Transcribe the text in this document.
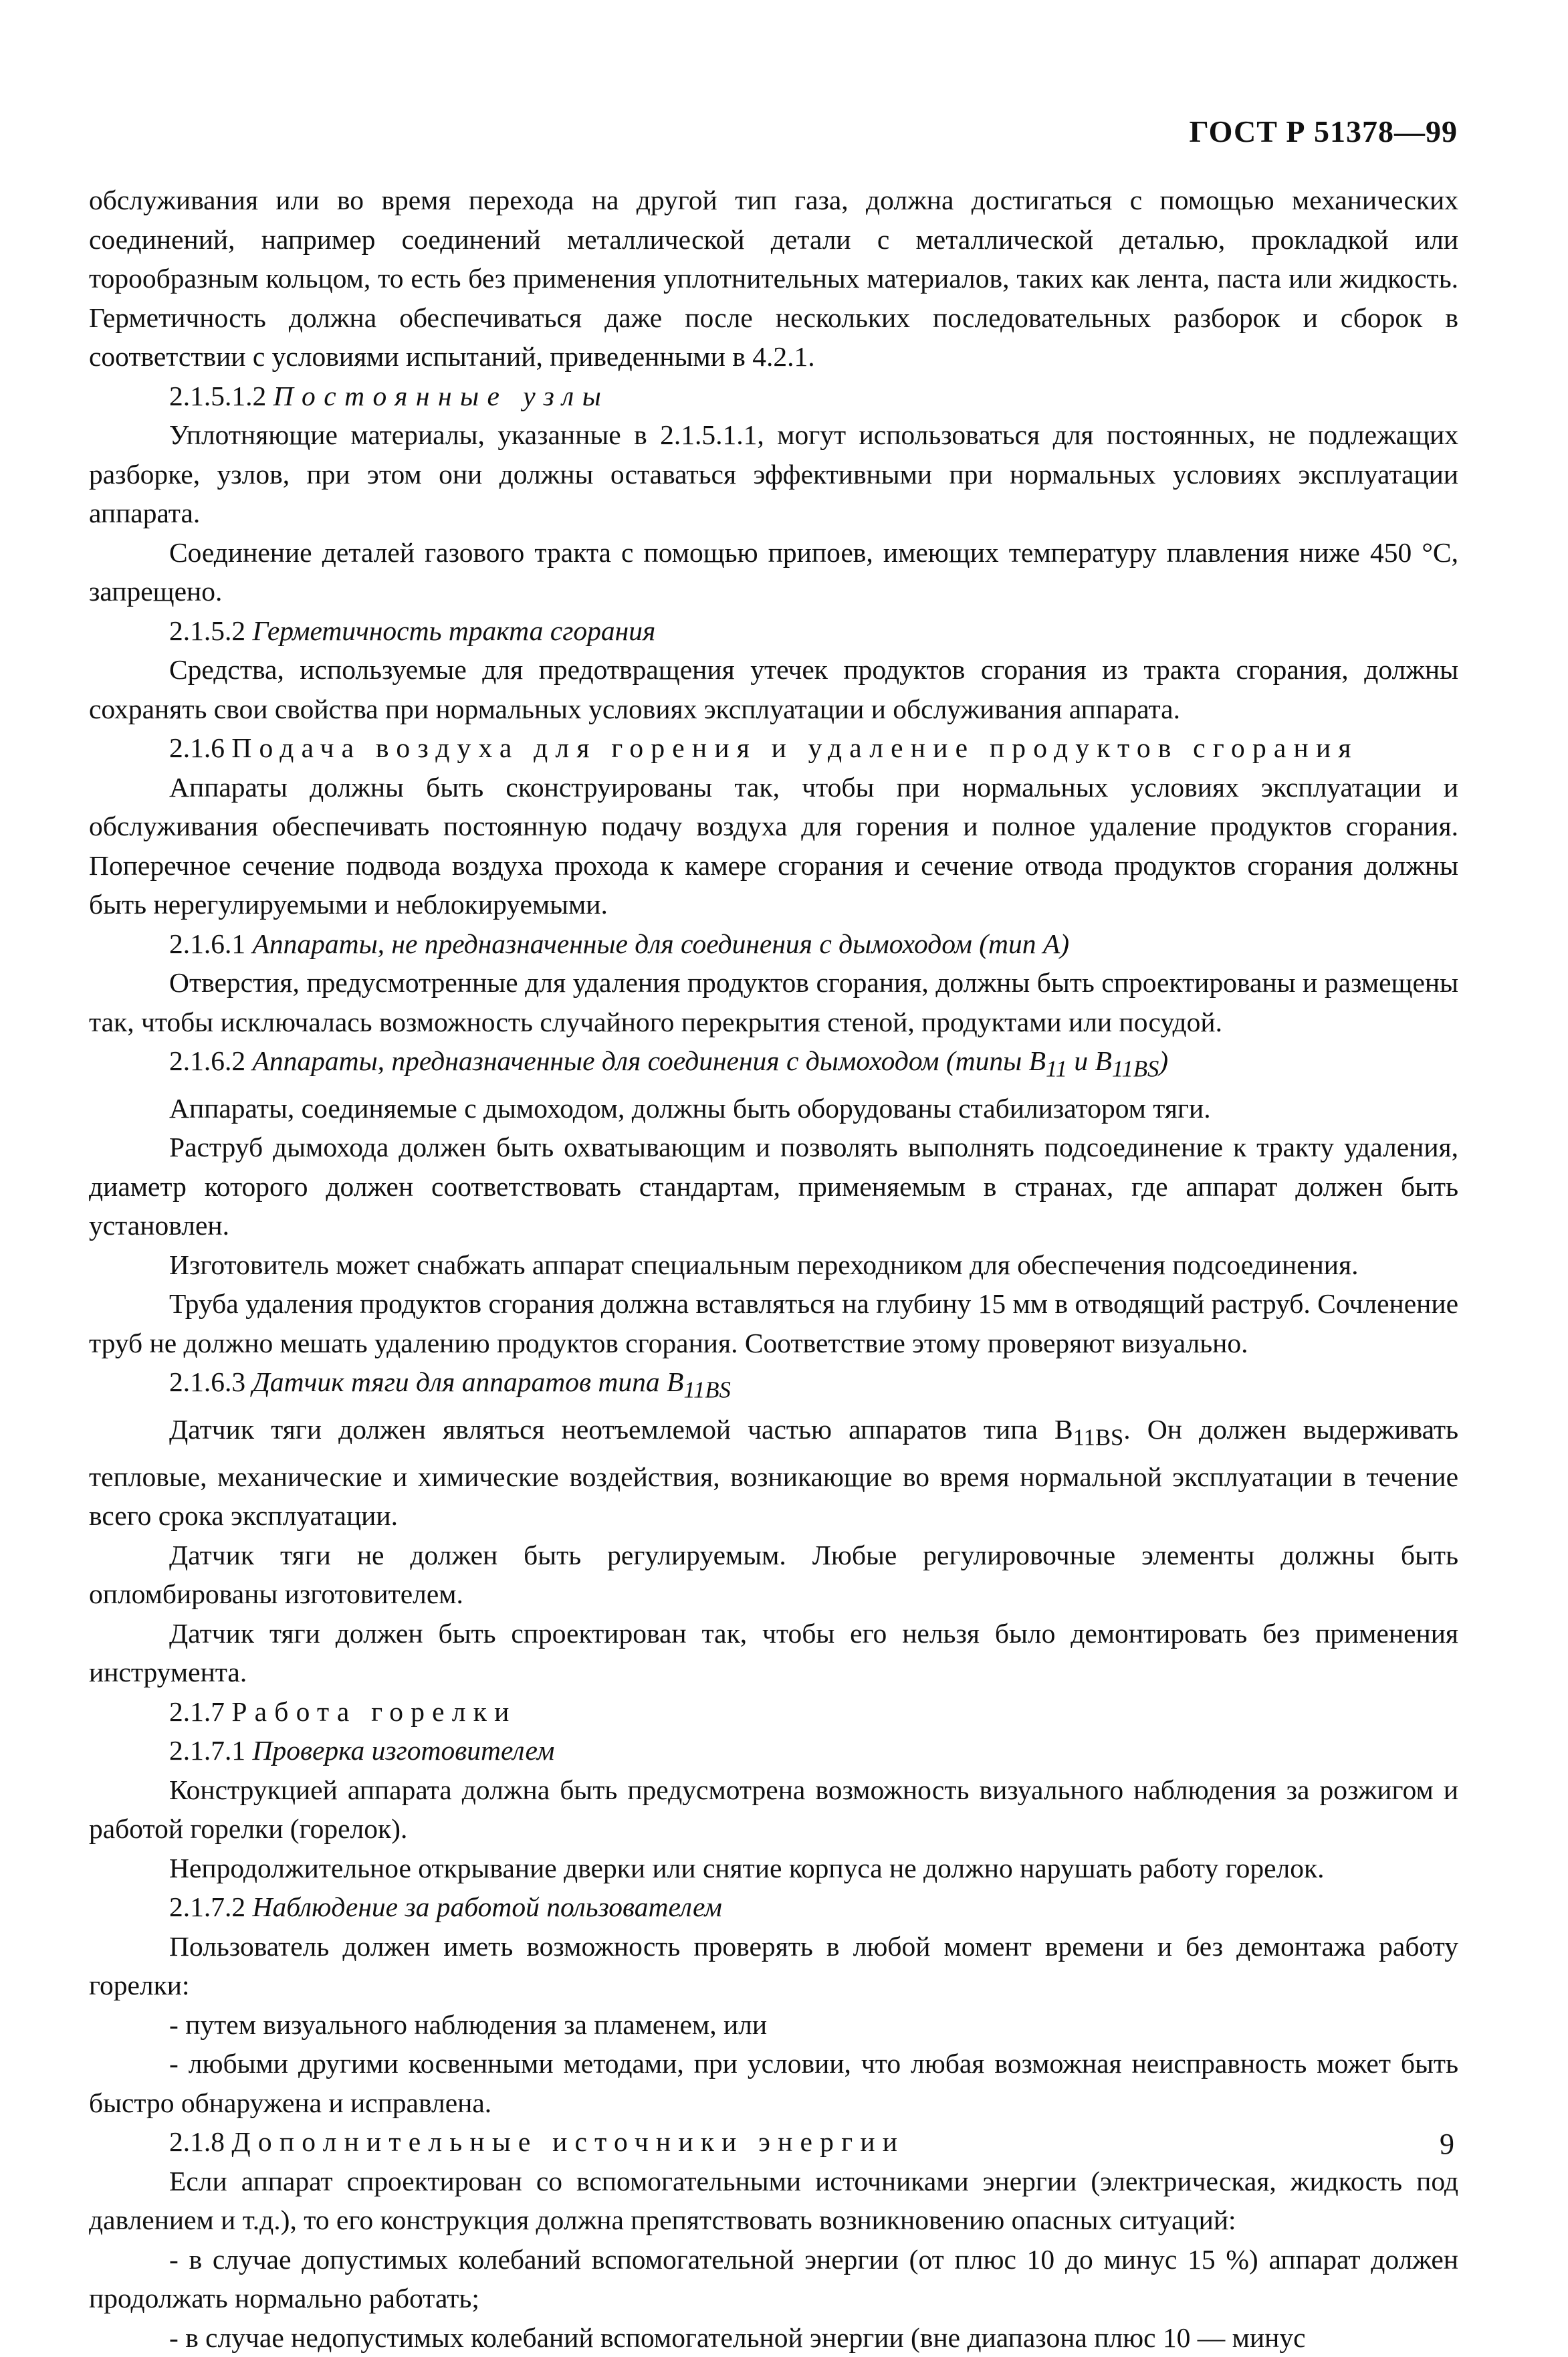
ГОСТ Р 51378—99

обслуживания или во время перехода на другой тип газа, должна достигаться с помощью механических соединений, например соединений металлической детали с металлической деталью, прокладкой или торообразным кольцом, то есть без применения уплотнительных материалов, таких как лента, паста или жидкость. Герметичность должна обеспечиваться даже после нескольких последовательных разборок и сборок в соответствии с условиями испытаний, приведенными в 4.2.1.

2.1.5.1.2 Постоянные узлы

Уплотняющие материалы, указанные в 2.1.5.1.1, могут использоваться для постоянных, не подлежащих разборке, узлов, при этом они должны оставаться эффективными при нормальных условиях эксплуатации аппарата.

Соединение деталей газового тракта с помощью припоев, имеющих температуру плавления ниже 450 °С, запрещено.

2.1.5.2 Герметичность тракта сгорания

Средства, используемые для предотвращения утечек продуктов сгорания из тракта сгорания, должны сохранять свои свойства при нормальных условиях эксплуатации и обслуживания аппарата.

2.1.6 Подача воздуха для горения и удаление продуктов сгорания

Аппараты должны быть сконструированы так, чтобы при нормальных условиях эксплуатации и обслуживания обеспечивать постоянную подачу воздуха для горения и полное удаление продуктов сгорания. Поперечное сечение подвода воздуха прохода к камере сгорания и сечение отвода продуктов сгорания должны быть нерегулируемыми и неблокируемыми.

2.1.6.1 Аппараты, не предназначенные для соединения с дымоходом (тип А)

Отверстия, предусмотренные для удаления продуктов сгорания, должны быть спроектированы и размещены так, чтобы исключалась возможность случайного перекрытия стеной, продуктами или посудой.

2.1.6.2 Аппараты, предназначенные для соединения с дымоходом (типы $B_{11}$ и $B_{11BS}$)

Аппараты, соединяемые с дымоходом, должны быть оборудованы стабилизатором тяги.

Раструб дымохода должен быть охватывающим и позволять выполнять подсоединение к тракту удаления, диаметр которого должен соответствовать стандартам, применяемым в странах, где аппарат должен быть установлен.

Изготовитель может снабжать аппарат специальным переходником для обеспечения подсоединения.

Труба удаления продуктов сгорания должна вставляться на глубину 15 мм в отводящий раструб. Сочленение труб не должно мешать удалению продуктов сгорания. Соответствие этому проверяют визуально.

2.1.6.3 Датчик тяги для аппаратов типа $B_{11BS}$

Датчик тяги должен являться неотъемлемой частью аппаратов типа $B_{11BS}$. Он должен выдерживать тепловые, механические и химические воздействия, возникающие во время нормальной эксплуатации в течение всего срока эксплуатации.

Датчик тяги не должен быть регулируемым. Любые регулировочные элементы должны быть опломбированы изготовителем.

Датчик тяги должен быть спроектирован так, чтобы его нельзя было демонтировать без применения инструмента.

2.1.7 Работа горелки

2.1.7.1 Проверка изготовителем

Конструкцией аппарата должна быть предусмотрена возможность визуального наблюдения за розжигом и работой горелки (горелок).

Непродолжительное открывание дверки или снятие корпуса не должно нарушать работу горелок.

2.1.7.2 Наблюдение за работой пользователем

Пользователь должен иметь возможность проверять в любой момент времени и без демонтажа работу горелки:

- путем визуального наблюдения за пламенем, или

- любыми другими косвенными методами, при условии, что любая возможная неисправность может быть быстро обнаружена и исправлена.

2.1.8 Дополнительные источники энергии

Если аппарат спроектирован со вспомогательными источниками энергии (электрическая, жидкость под давлением и т.д.), то его конструкция должна препятствовать возникновению опасных ситуаций:

- в случае допустимых колебаний вспомогательной энергии (от плюс 10 до минус 15 %) аппарат должен продолжать нормально работать;

- в случае недопустимых колебаний вспомогательной энергии (вне диапазона плюс 10 — минус

9
